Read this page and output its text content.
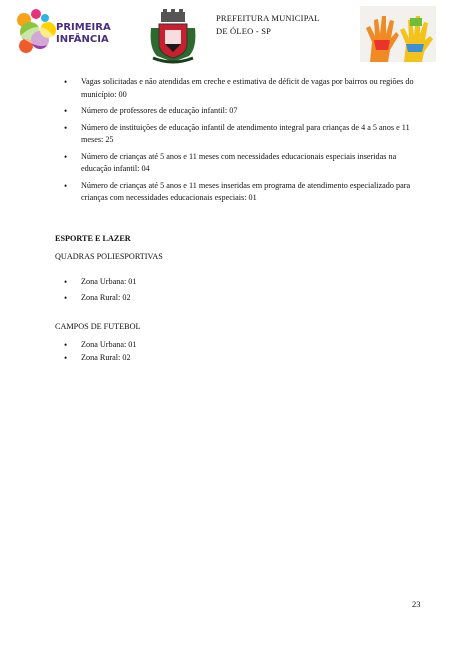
PRIMEIRA
INFÂNCIA
PREFEITURA MUNICIPAL
DE ÓLEO - SP
• Vagas solicitadas e não atendidas em creche e estimativa de déficit de vagas por bairros ou regiões do município: 00
• Número de professores de educação infantil: 07
• Número de instituições de educação infantil de atendimento integral para crianças de 4 a 5 anos e 11 meses: 25
• Número de crianças até 5 anos e 11 meses com necessidades educacionais especiais inseridas na educação infantil: 04
• Número de crianças até 5 anos e 11 meses inseridas em programa de atendimento especializado para crianças com necessidades educacionais especiais: 01
ESPORTE E LAZER
QUADRAS POLIESPORTIVAS
• Zona Urbana: 01
• Zona Rural: 02
CAMPOS DE FUTEBOL
• Zona Urbana: 01
• Zona Rural: 02
23
